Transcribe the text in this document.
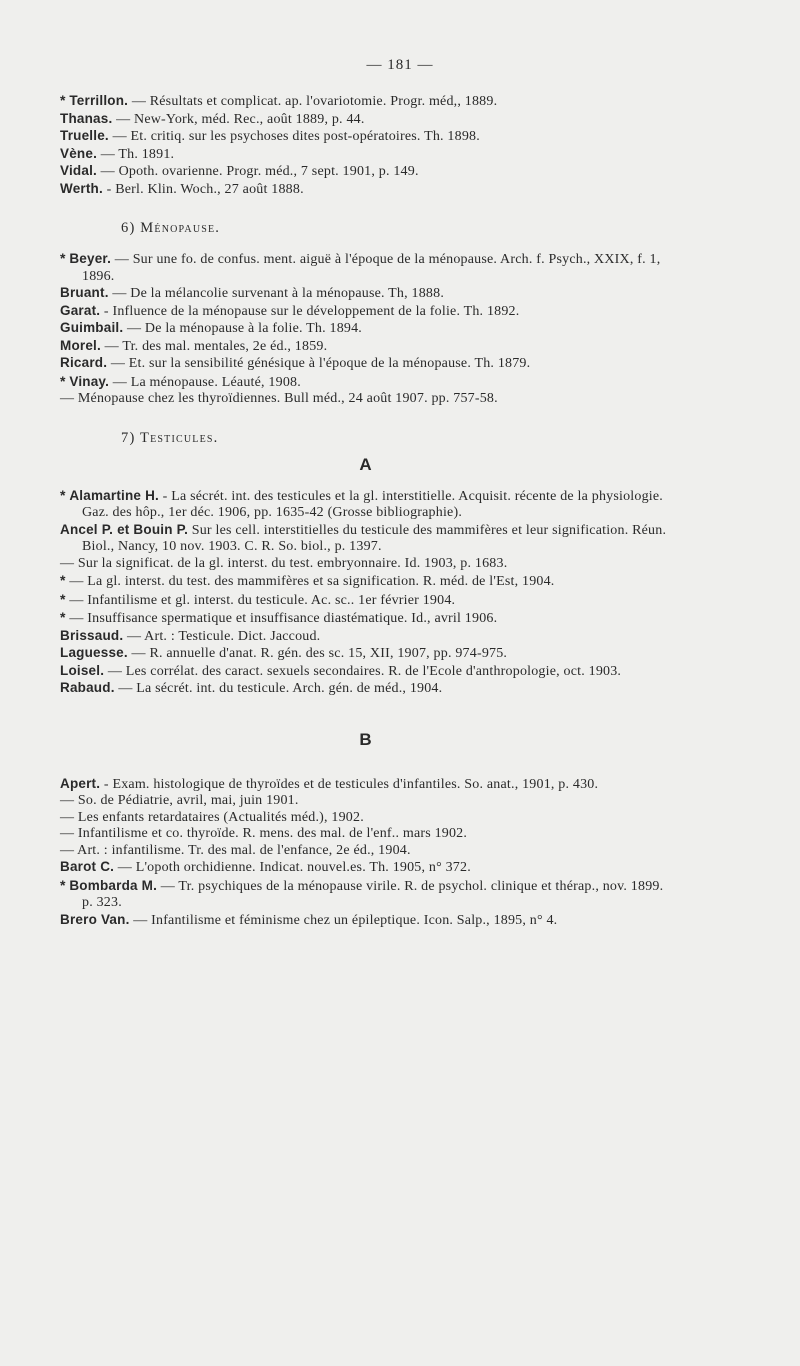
— 181 —
* Terrillon. — Résultats et complicat. ap. l'ovariotomie. Progr. méd,, 1889.
Thanas. — New-York, méd. Rec., août 1889, p. 44.
Truelle. — Et. critiq. sur les psychoses dites post-opératoires. Th. 1898.
Vène. — Th. 1891.
Vidal. — Opoth. ovarienne. Progr. méd., 7 sept. 1901, p. 149.
Werth. - Berl. Klin. Woch., 27 août 1888.
6) Ménopause.
* Beyer. — Sur une fo. de confus. ment. aiguë à l'époque de la ménopause. Arch. f. Psych., XXIX, f. 1, 1896.
Bruant. — De la mélancolie survenant à la ménopause. Th, 1888.
Garat. - Influence de la ménopause sur le développement de la folie. Th. 1892.
Guimbail. — De la ménopause à la folie. Th. 1894.
Morel. — Tr. des mal. mentales, 2e éd., 1859.
Ricard. — Et. sur la sensibilité génésique à l'époque de la ménopause. Th. 1879.
* Vinay. — La ménopause. Léauté, 1908.
— Ménopause chez les thyroïdiennes. Bull méd., 24 août 1907. pp. 757-58.
7) Testicules.
A
* Alamartine H. - La sécrét. int. des testicules et la gl. interstitielle. Acquisit. récente de la physiologie. Gaz. des hôp., 1er déc. 1906, pp. 1635-42 (Grosse bibliographie).
Ancel P. et Bouin P. Sur les cell. interstitielles du testicule des mammifères et leur signification. Réun. Biol., Nancy, 10 nov. 1903. C. R. So. biol., p. 1397.
— Sur la significat. de la gl. interst. du test. embryonnaire. Id. 1903, p. 1683.
* — La gl. interst. du test. des mammifères et sa signification. R. méd. de l'Est, 1904.
* — Infantilisme et gl. interst. du testicule. Ac. sc.. 1er février 1904.
* — Insuffisance spermatique et insuffisance diastématique. Id., avril 1906.
Brissaud. — Art. : Testicule. Dict. Jaccoud.
Laguesse. — R. annuelle d'anat. R. gén. des sc. 15, XII, 1907, pp. 974-975.
Loisel. — Les corrélat. des caract. sexuels secondaires. R. de l'Ecole d'anthropologie, oct. 1903.
Rabaud. — La sécrét. int. du testicule. Arch. gén. de méd., 1904.
B
Apert. - Exam. histologique de thyroïdes et de testicules d'infantiles. So. anat., 1901, p. 430.
— So. de Pédiatrie, avril, mai, juin 1901.
— Les enfants retardataires (Actualités méd.), 1902.
— Infantilisme et co. thyroïde. R. mens. des mal. de l'enf.. mars 1902.
— Art. : infantilisme. Tr. des mal. de l'enfance, 2e éd., 1904.
Barot C. — L'opoth orchidienne. Indicat. nouvel.es. Th. 1905, n° 372.
* Bombarda M. — Tr. psychiques de la ménopause virile. R. de psychol. clinique et thérap., nov. 1899. p. 323.
Brero Van. — Infantilisme et féminisme chez un épileptique. Icon. Salp., 1895, n° 4.
